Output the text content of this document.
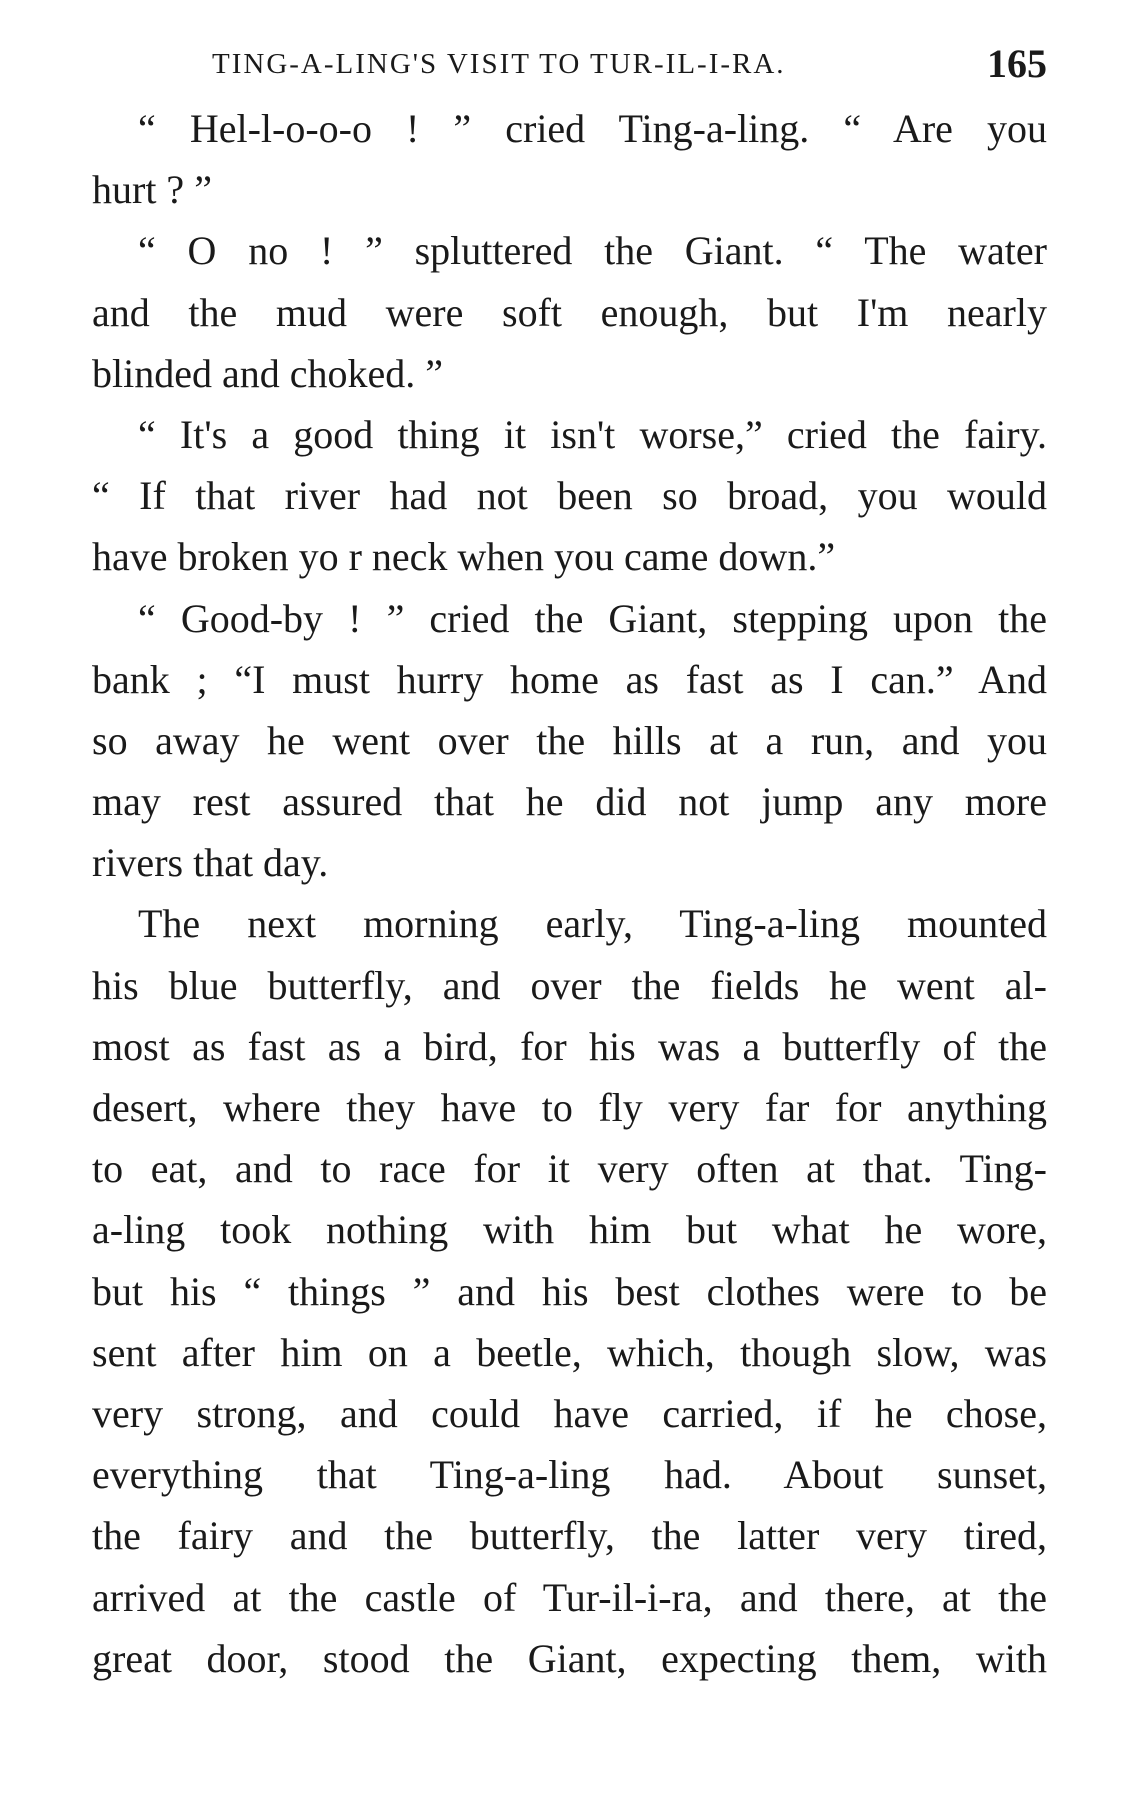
TING-A-LING'S VISIT TO TUR-IL-I-RA.	165
“ Hel-l-o-o-o ! ” cried Ting-a-ling. “ Are you
hurt ? ”
“ O no ! ” spluttered the Giant. “ The water
and the mud were soft enough, but I'm nearly
blinded and choked. ”
“ It's a good thing it isn't worse,” cried the fairy.
“ If that river had not been so broad, you would
have broken yo r neck when you came down.”
“ Good-by ! ” cried the Giant, stepping upon the
bank ; “I must hurry home as fast as I can.” And
so away he went over the hills at a run, and you
may rest assured that he did not jump any more
rivers that day.
The next morning early, Ting-a-ling mounted
his blue butterfly, and over the fields he went al-
most as fast as a bird, for his was a butterfly of the
desert, where they have to fly very far for anything
to eat, and to race for it very often at that. Ting-
a-ling took nothing with him but what he wore,
but his “ things ” and his best clothes were to be
sent after him on a beetle, which, though slow, was
very strong, and could have carried, if he chose,
everything that Ting-a-ling had. About sunset,
the fairy and the butterfly, the latter very tired,
arrived at the castle of Tur-il-i-ra, and there, at the
great door, stood the Giant, expecting them, with
